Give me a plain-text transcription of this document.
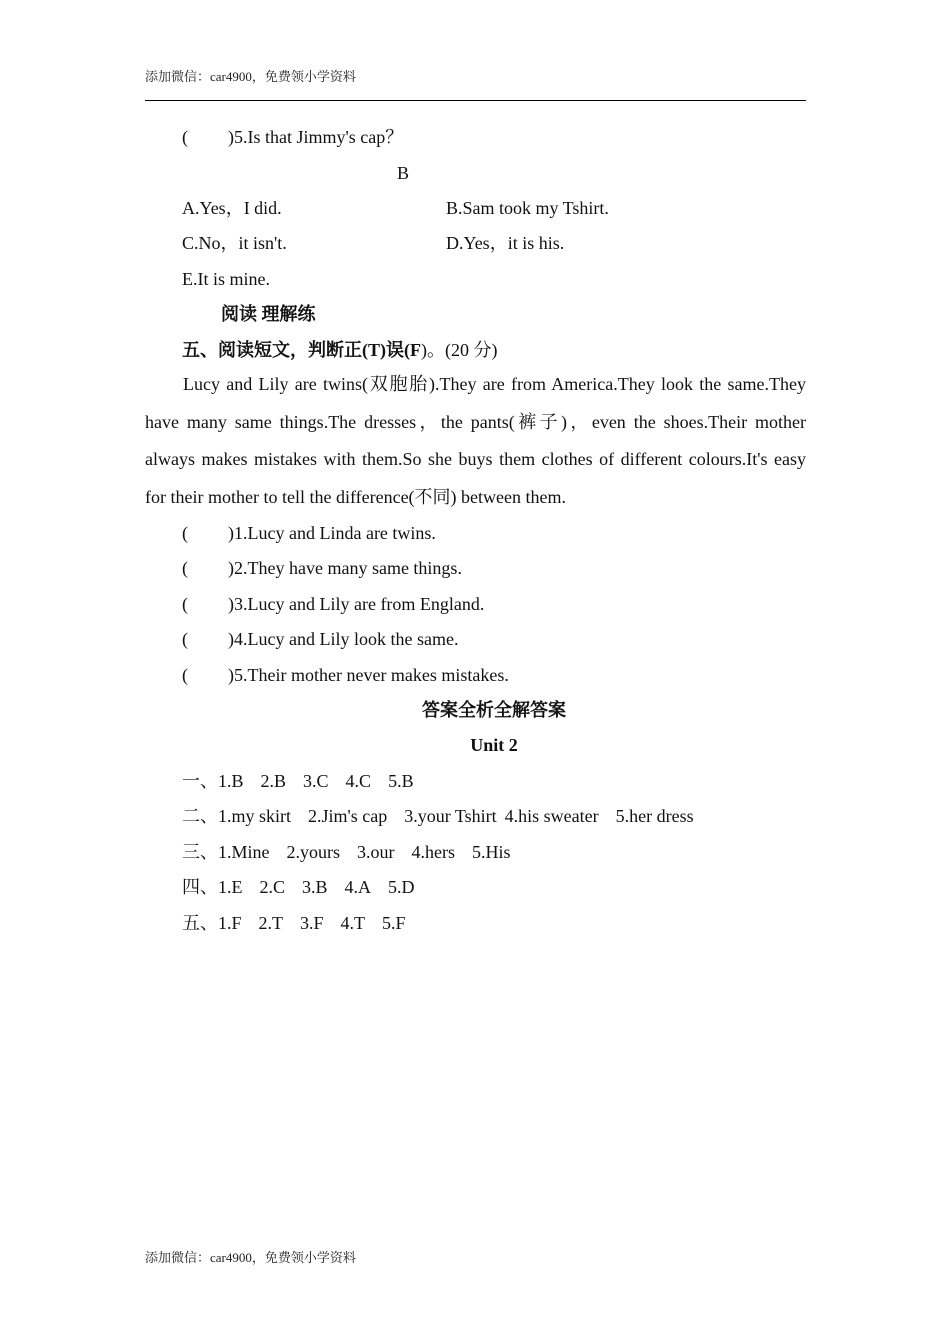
添加微信：car4900，免费领小学资料
( )5.Is that Jimmy's cap？
B
A.Yes，I did.	B.Sam took my Tshirt.
C.No，it isn't.	D.Yes，it is his.
E.It is mine.
阅读 理解练
五、阅读短文，判断正(T)误(F)。(20 分)
Lucy and Lily are twins(双胞胎).They are from America.They look the same.They have many same things.The dresses，the pants(裤子)，even the shoes.Their mother always makes mistakes with them.So she buys them clothes of different colours.It's easy for their mother to tell the difference(不同) between them.
( )1.Lucy and Linda are twins.
( )2.They have many same things.
( )3.Lucy and Lily are from England.
( )4.Lucy and Lily look the same.
( )5.Their mother never makes mistakes.
答案全析全解答案
Unit 2
一、1.B 2.B 3.C 4.C 5.B
二、1.my skirt 2.Jim's cap 3.your Tshirt 4.his sweater 5.her dress
三、1.Mine 2.yours 3.our 4.hers 5.His
四、1.E 2.C 3.B 4.A 5.D
五、1.F 2.T 3.F 4.T 5.F
添加微信：car4900，免费领小学资料
